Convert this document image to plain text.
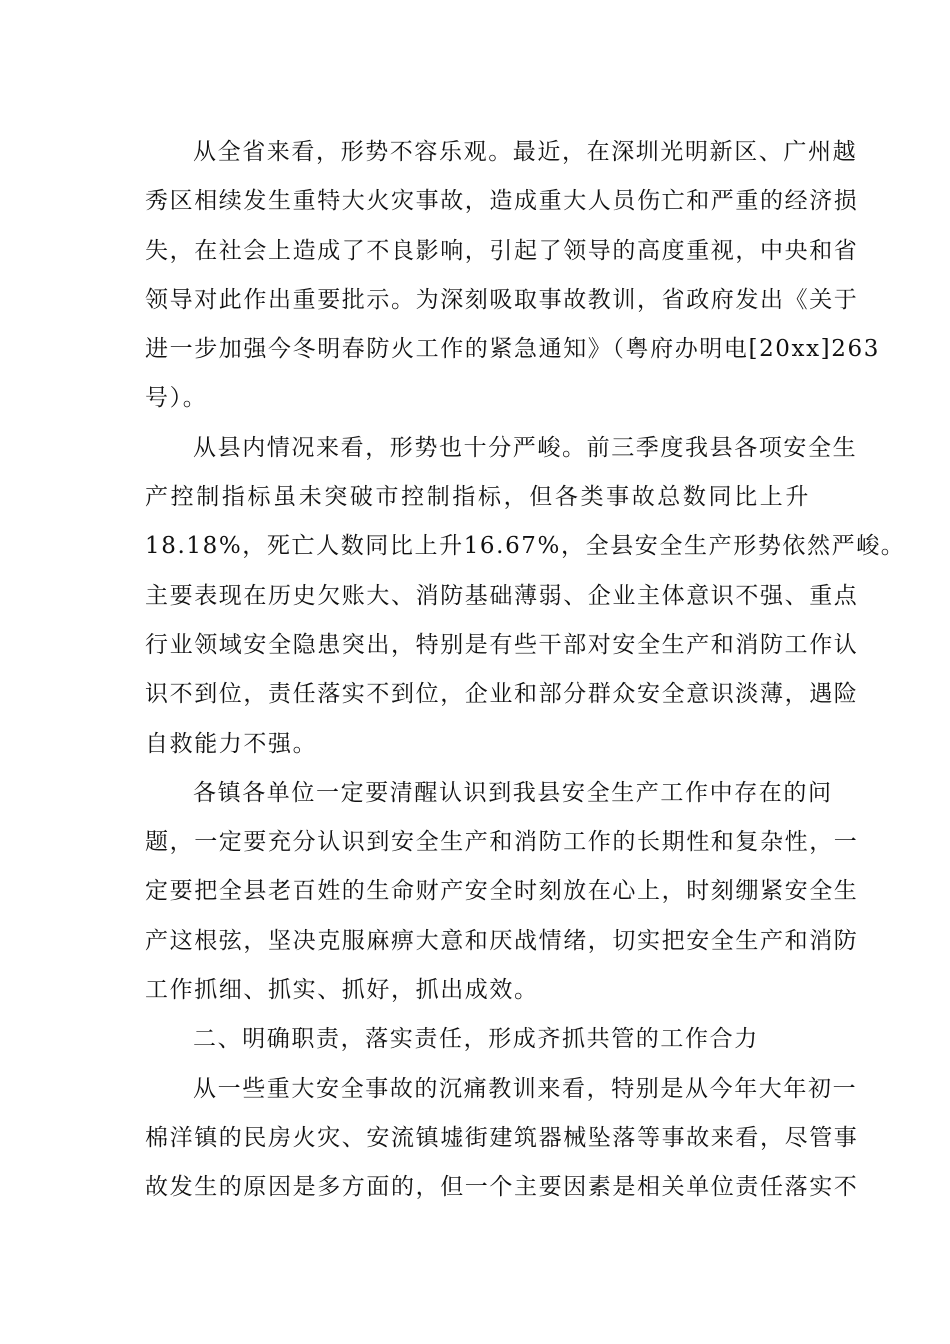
从全省来看，形势不容乐观。最近，在深圳光明新区、广州越
秀区相续发生重特大火灾事故，造成重大人员伤亡和严重的经济损
失，在社会上造成了不良影响，引起了领导的高度重视，中央和省
领导对此作出重要批示。为深刻吸取事故教训，省政府发出《关于
进一步加强今冬明春防火工作的紧急通知》（粤府办明电[20xx]263
号）。
从县内情况来看，形势也十分严峻。前三季度我县各项安全生
产控制指标虽未突破市控制指标，但各类事故总数同比上升
18.18%，死亡人数同比上升16.67%，全县安全生产形势依然严峻。
主要表现在历史欠账大、消防基础薄弱、企业主体意识不强、重点
行业领域安全隐患突出，特别是有些干部对安全生产和消防工作认
识不到位，责任落实不到位，企业和部分群众安全意识淡薄，遇险
自救能力不强。
各镇各单位一定要清醒认识到我县安全生产工作中存在的问
题，一定要充分认识到安全生产和消防工作的长期性和复杂性，一
定要把全县老百姓的生命财产安全时刻放在心上，时刻绷紧安全生
产这根弦，坚决克服麻痹大意和厌战情绪，切实把安全生产和消防
工作抓细、抓实、抓好，抓出成效。
二、明确职责，落实责任，形成齐抓共管的工作合力
从一些重大安全事故的沉痛教训来看，特别是从今年大年初一
棉洋镇的民房火灾、安流镇墟街建筑器械坠落等事故来看，尽管事
故发生的原因是多方面的，但一个主要因素是相关单位责任落实不
